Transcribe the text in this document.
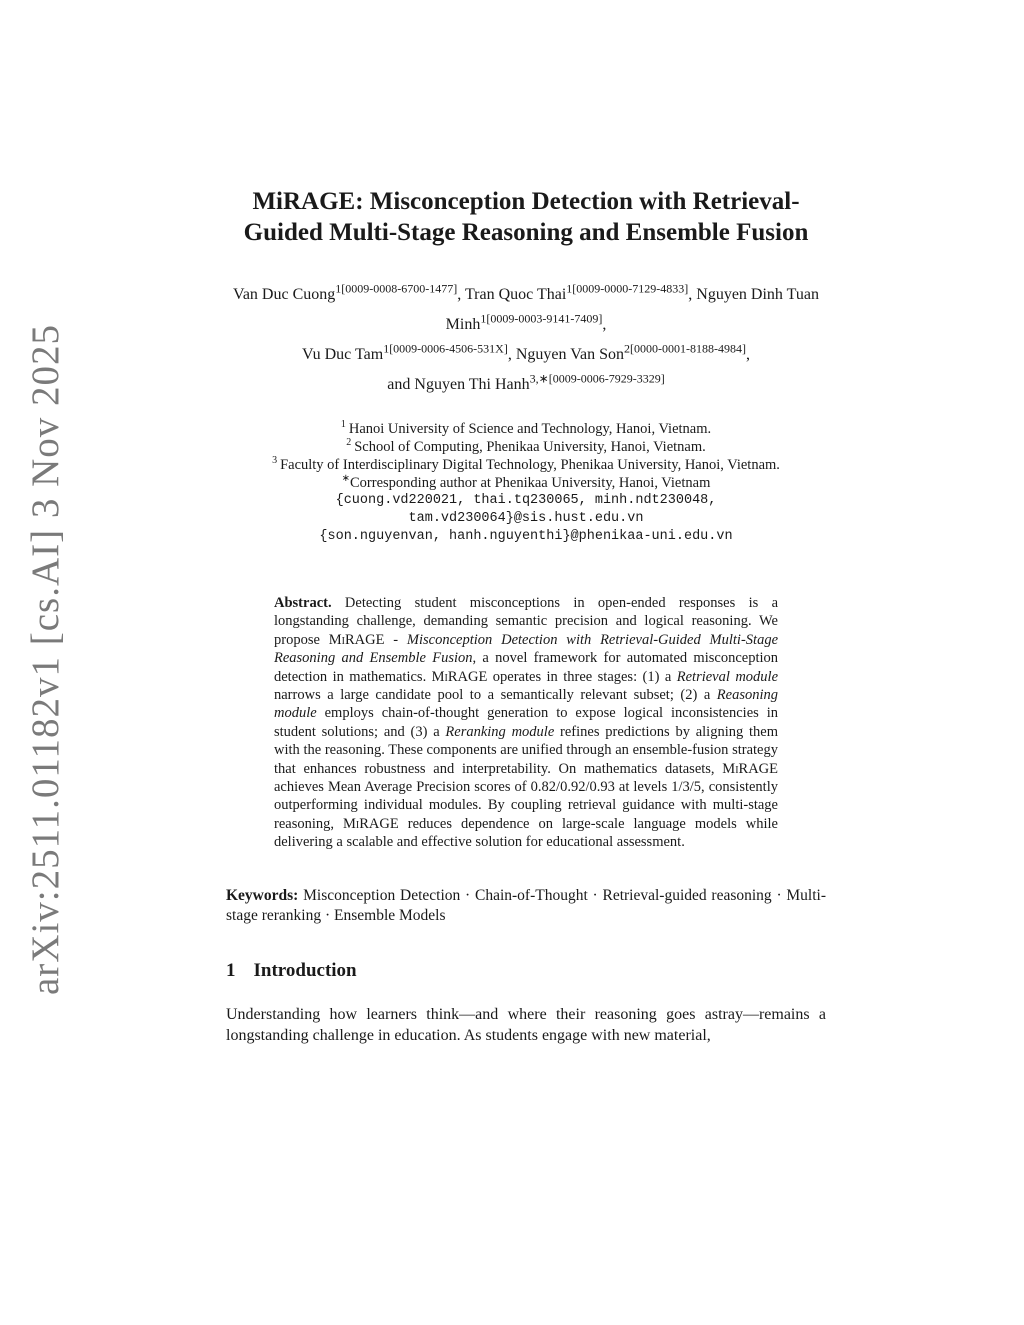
arXiv:2511.01182v1 [cs.AI] 3 Nov 2025
MiRAGE: Misconception Detection with Retrieval-Guided Multi-Stage Reasoning and Ensemble Fusion
Van Duc Cuong$^{1[0009-0008-6700-1477]}$, Tran Quoc Thai$^{1[0009-0000-7129-4833]}$, Nguyen Dinh Tuan Minh$^{1[0009-0003-9141-7409]}$,
Vu Duc Tam$^{1[0009-0006-4506-531X]}$, Nguyen Van Son$^{2[0000-0001-8188-4984]}$,
and Nguyen Thi Hanh$^{3,∗[0009-0006-7929-3329]}$
$^1$ Hanoi University of Science and Technology, Hanoi, Vietnam.
$^2$ School of Computing, Phenikaa University, Hanoi, Vietnam.
$^3$ Faculty of Interdisciplinary Digital Technology, Phenikaa University, Hanoi, Vietnam.
∗Corresponding author at Phenikaa University, Hanoi, Vietnam
{cuong.vd220021, thai.tq230065, minh.ndt230048,
tam.vd230064}@sis.hust.edu.vn
{son.nguyenvan, hanh.nguyenthi}@phenikaa-uni.edu.vn
Abstract. Detecting student misconceptions in open-ended responses is a longstanding challenge, demanding semantic precision and logical reasoning. We propose MiRAGE - Misconception Detection with Retrieval-Guided Multi-Stage Reasoning and Ensemble Fusion, a novel framework for automated misconception detection in mathematics. MiRAGE operates in three stages: (1) a Retrieval module narrows a large candidate pool to a semantically relevant subset; (2) a Reasoning module employs chain-of-thought generation to expose logical inconsistencies in student solutions; and (3) a Reranking module refines predictions by aligning them with the reasoning. These components are unified through an ensemble-fusion strategy that enhances robustness and interpretability. On mathematics datasets, MiRAGE achieves Mean Average Precision scores of 0.82/0.92/0.93 at levels 1/3/5, consistently outperforming individual modules. By coupling retrieval guidance with multi-stage reasoning, MiRAGE reduces dependence on large-scale language models while delivering a scalable and effective solution for educational assessment.
Keywords: Misconception Detection · Chain-of-Thought · Retrieval-guided reasoning · Multi-stage reranking · Ensemble Models
1 Introduction
Understanding how learners think—and where their reasoning goes astray—remains a longstanding challenge in education. As students engage with new material,
